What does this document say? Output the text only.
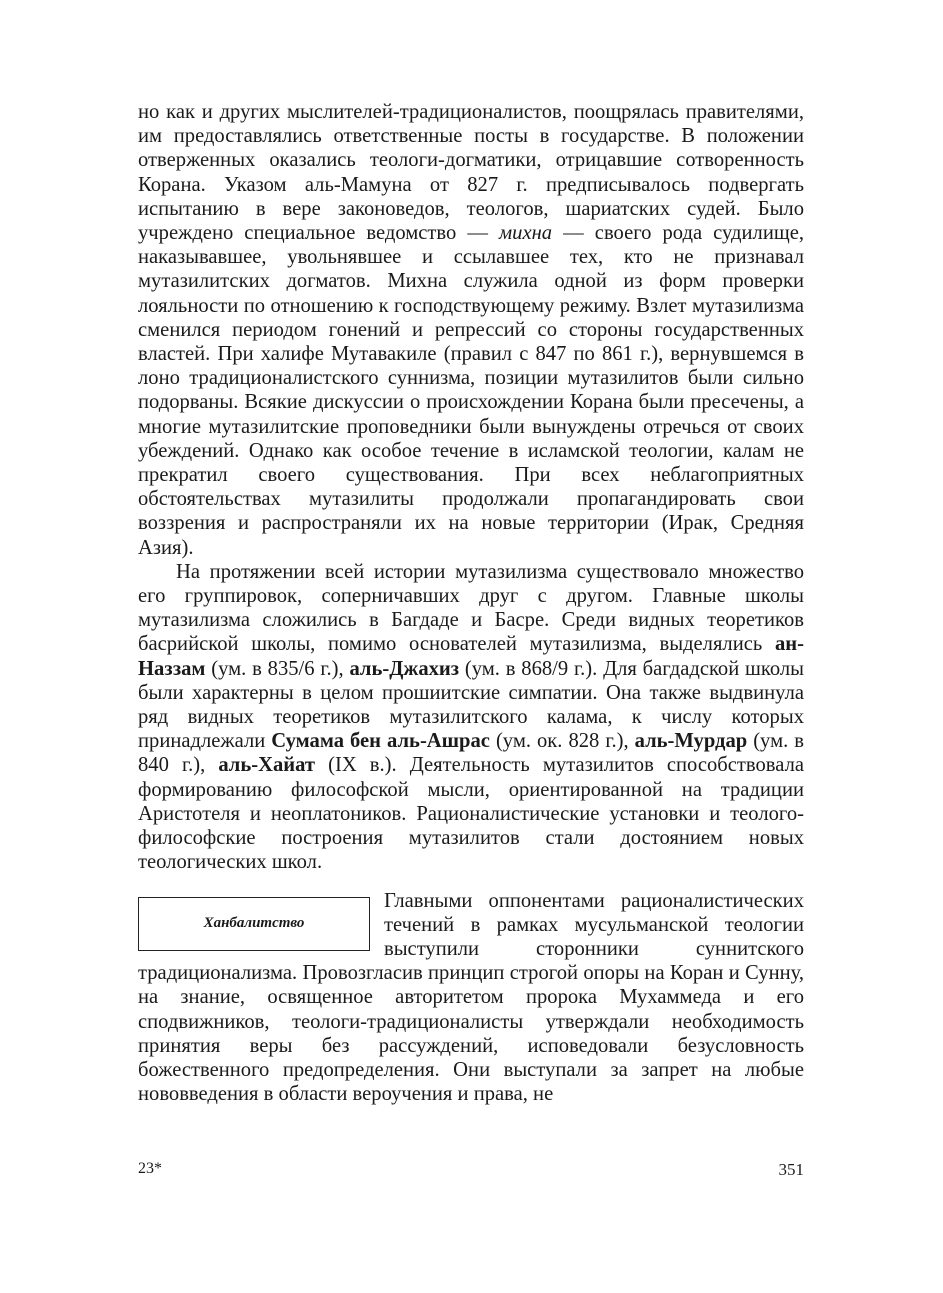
но как и других мыслителей-традиционалистов, поощрялась правителями, им предоставлялись ответственные посты в государстве. В положении отверженных оказались теологи-догматики, отрицавшие сотворенность Корана. Указом аль-Мамуна от 827 г. предписывалось подвергать испытанию в вере законоведов, теологов, шариатских судей. Было учреждено специальное ведомство — михна — своего рода судилище, наказывавшее, увольнявшее и ссылавшее тех, кто не признавал мутазилитских догматов. Михна служила одной из форм проверки лояльности по отношению к господствующему режиму. Взлет мутазилизма сменился периодом гонений и репрессий со стороны государственных властей. При халифе Мутавакиле (правил с 847 по 861 г.), вернувшемся в лоно традиционалистского суннизма, позиции мутазилитов были сильно подорваны. Всякие дискуссии о происхождении Корана были пресечены, а многие мутазилитские проповедники были вынуждены отречься от своих убеждений. Однако как особое течение в исламской теологии, калам не прекратил своего существования. При всех неблагоприятных обстоятельствах мутазилиты продолжали пропагандировать свои воззрения и распространяли их на новые территории (Ирак, Средняя Азия).

На протяжении всей истории мутазилизма существовало множество его группировок, соперничавших друг с другом. Главные школы мутазилизма сложились в Багдаде и Басре. Среди видных теоретиков басрийской школы, помимо основателей мутазилизма, выделялись ан-Наззам (ум. в 835/6 г.), аль-Джахиз (ум. в 868/9 г.). Для багдадской школы были характерны в целом прошиитские симпатии. Она также выдвинула ряд видных теоретиков мутазилитского калама, к числу которых принадлежали Сумама бен аль-Ашрас (ум. ок. 828 г.), аль-Мурдар (ум. в 840 г.), аль-Хайат (IX в.). Деятельность мутазилитов способствовала формированию философской мысли, ориентированной на традиции Аристотеля и неоплатоников. Рационалистические установки и теолого-философские построения мутазилитов стали достоянием новых теологических школ.

Ханбалитство

Главными оппонентами рационалистических течений в рамках мусульманской теологии выступили сторонники суннитского традиционализма. Провозгласив принцип строгой опоры на Коран и Сунну, на знание, освященное авторитетом пророка Мухаммеда и его сподвижников, теологи-традиционалисты утверждали необходимость принятия веры без рассуждений, исповедовали безусловность божественного предопределения. Они выступали за запрет на любые нововведения в области вероучения и права, не

23*	351
